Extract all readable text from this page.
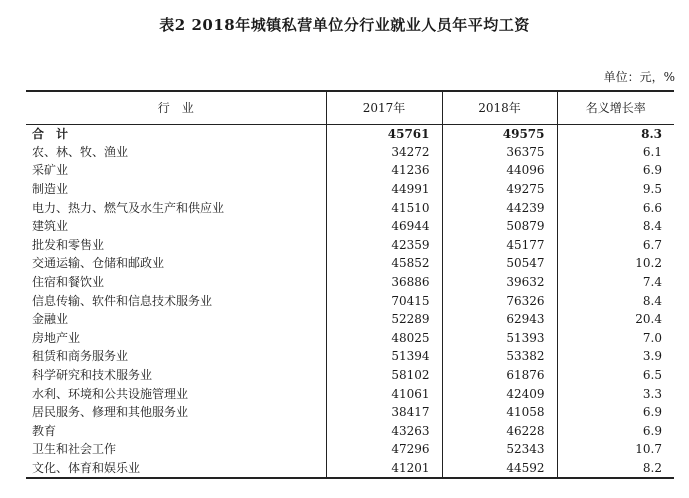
表2 2018年城镇私营单位分行业就业人员年平均工资
单位：元，%
行　业	2017年	2018年	名义增长率
合　计	45761	49575	8.3
农、林、牧、渔业	34272	36375	6.1
采矿业	41236	44096	6.9
制造业	44991	49275	9.5
电力、热力、燃气及水生产和供应业	41510	44239	6.6
建筑业	46944	50879	8.4
批发和零售业	42359	45177	6.7
交通运输、仓储和邮政业	45852	50547	10.2
住宿和餐饮业	36886	39632	7.4
信息传输、软件和信息技术服务业	70415	76326	8.4
金融业	52289	62943	20.4
房地产业	48025	51393	7.0
租赁和商务服务业	51394	53382	3.9
科学研究和技术服务业	58102	61876	6.5
水利、环境和公共设施管理业	41061	42409	3.3
居民服务、修理和其他服务业	38417	41058	6.9
教育	43263	46228	6.9
卫生和社会工作	47296	52343	10.7
文化、体育和娱乐业	41201	44592	8.2
